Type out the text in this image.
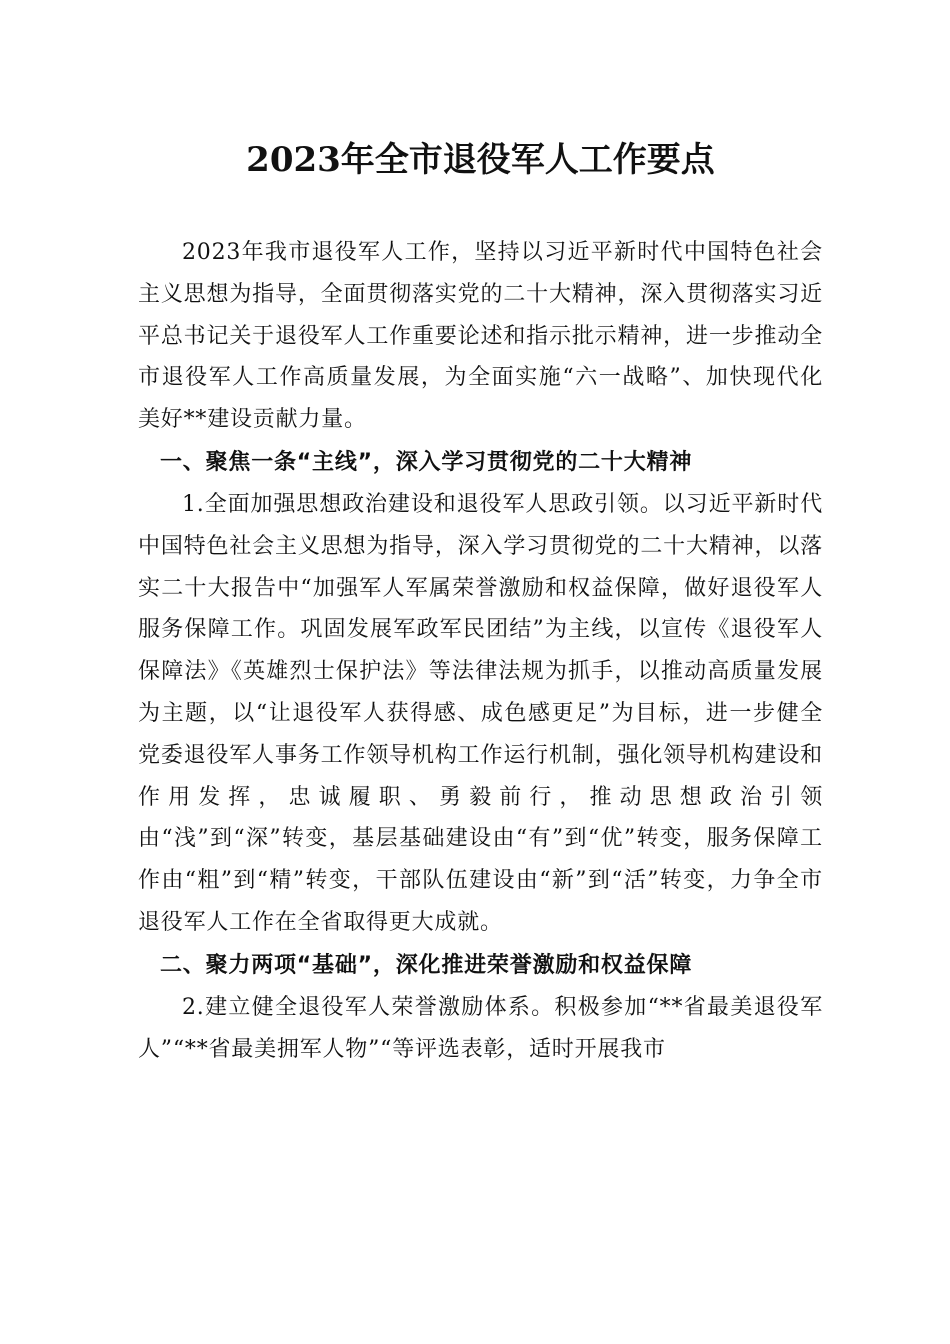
2023年全市退役军人工作要点

2023年我市退役军人工作，坚持以习近平新时代中国特色社会主义思想为指导，全面贯彻落实党的二十大精神，深入贯彻落实习近平总书记关于退役军人工作重要论述和指示批示精神，进一步推动全市退役军人工作高质量发展，为全面实施“六一战略”、加快现代化美好**建设贡献力量。

一、聚焦一条“主线”，深入学习贯彻党的二十大精神

1.全面加强思想政治建设和退役军人思政引领。以习近平新时代中国特色社会主义思想为指导，深入学习贯彻党的二十大精神，以落实二十大报告中“加强军人军属荣誉激励和权益保障，做好退役军人服务保障工作。巩固发展军政军民团结”为主线，以宣传《退役军人保障法》《英雄烈士保护法》等法律法规为抓手，以推动高质量发展为主题，以“让退役军人获得感、成色感更足”为目标，进一步健全党委退役军人事务工作领导机构工作运行机制，强化领导机构建设和作用发挥，忠诚履职、勇毅前行，推动思想政治引领由“浅”到“深”转变，基层基础建设由“有”到“优”转变，服务保障工作由“粗”到“精”转变，干部队伍建设由“新”到“活”转变，力争全市退役军人工作在全省取得更大成就。

二、聚力两项“基础”，深化推进荣誉激励和权益保障

2.建立健全退役军人荣誉激励体系。积极参加“**省最美退役军人”“**省最美拥军人物”“等评选表彰，适时开展我市
